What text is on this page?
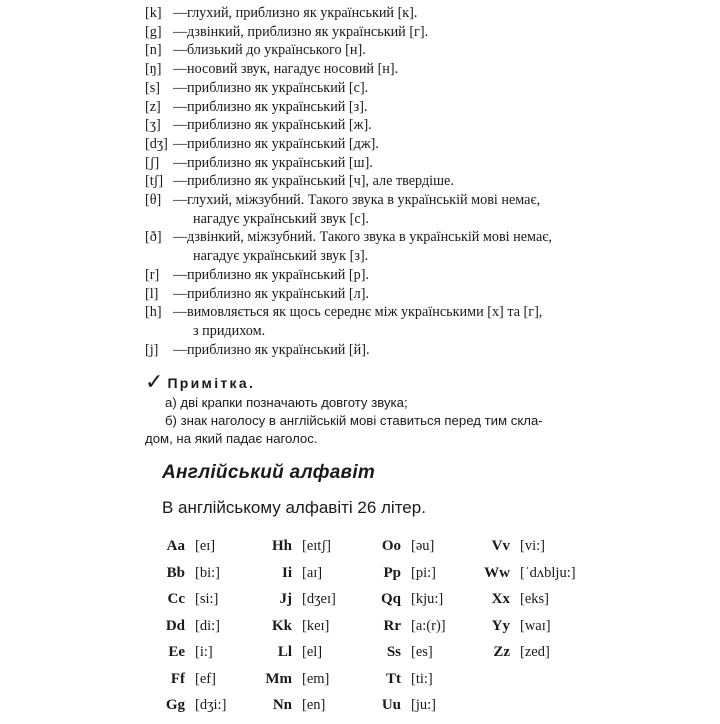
[k] — глухий, приблизно як український [к].
[g] — дзвінкий, приблизно як український [г].
[n] — близький до українського [н].
[ŋ] — носовий звук, нагадує носовий [н].
[s] — приблизно як український [с].
[z] — приблизно як український [з].
[ʒ] — приблизно як український [ж].
[dʒ] — приблизно як український [дж].
[ʃ] — приблизно як український [ш].
[tʃ] — приблизно як український [ч], але твердіше.
[θ] — глухий, міжзубний. Такого звука в українській мові немає,
нагадує український звук [с].
[ð] — дзвінкий, міжзубний. Такого звука в українській мові немає,
нагадує український звук [з].
[r] — приблизно як український [р].
[l]	— приблизно як український [л].
[h] — вимовляється як щось середнє між українськими [х] та [г],
з придихом.
[j]	— приблизно як український [й].
✓ Примітка.
а) дві крапки позначають довготу звука;
б) знак наголосу в англійській мові ставиться перед тим скла-
дом, на який падає наголос.
Англійський алфавіт
В англійському алфавіті 26 літер.
Aa [eɪ]
Bb [bi:]
Cc [si:]
Dd [di:]
Ee [i:]
Ff [ef]
Gg [dʒi:]
Hh [eɪtʃ]
Ii [aɪ]
Jj [dʒeɪ]
Kk [keɪ]
Ll [el]
Mm [em]
Nn [en]
Oo [əu]
Pp [pi:]
Qq [kju:]
Rr [a:(r)]
Ss [es]
Tt [ti:]
Uu [ju:]
Vv [vi:]
Ww [ˈdʌblju:]
Xx [eks]
Yy [waɪ]
Zz [zed]
